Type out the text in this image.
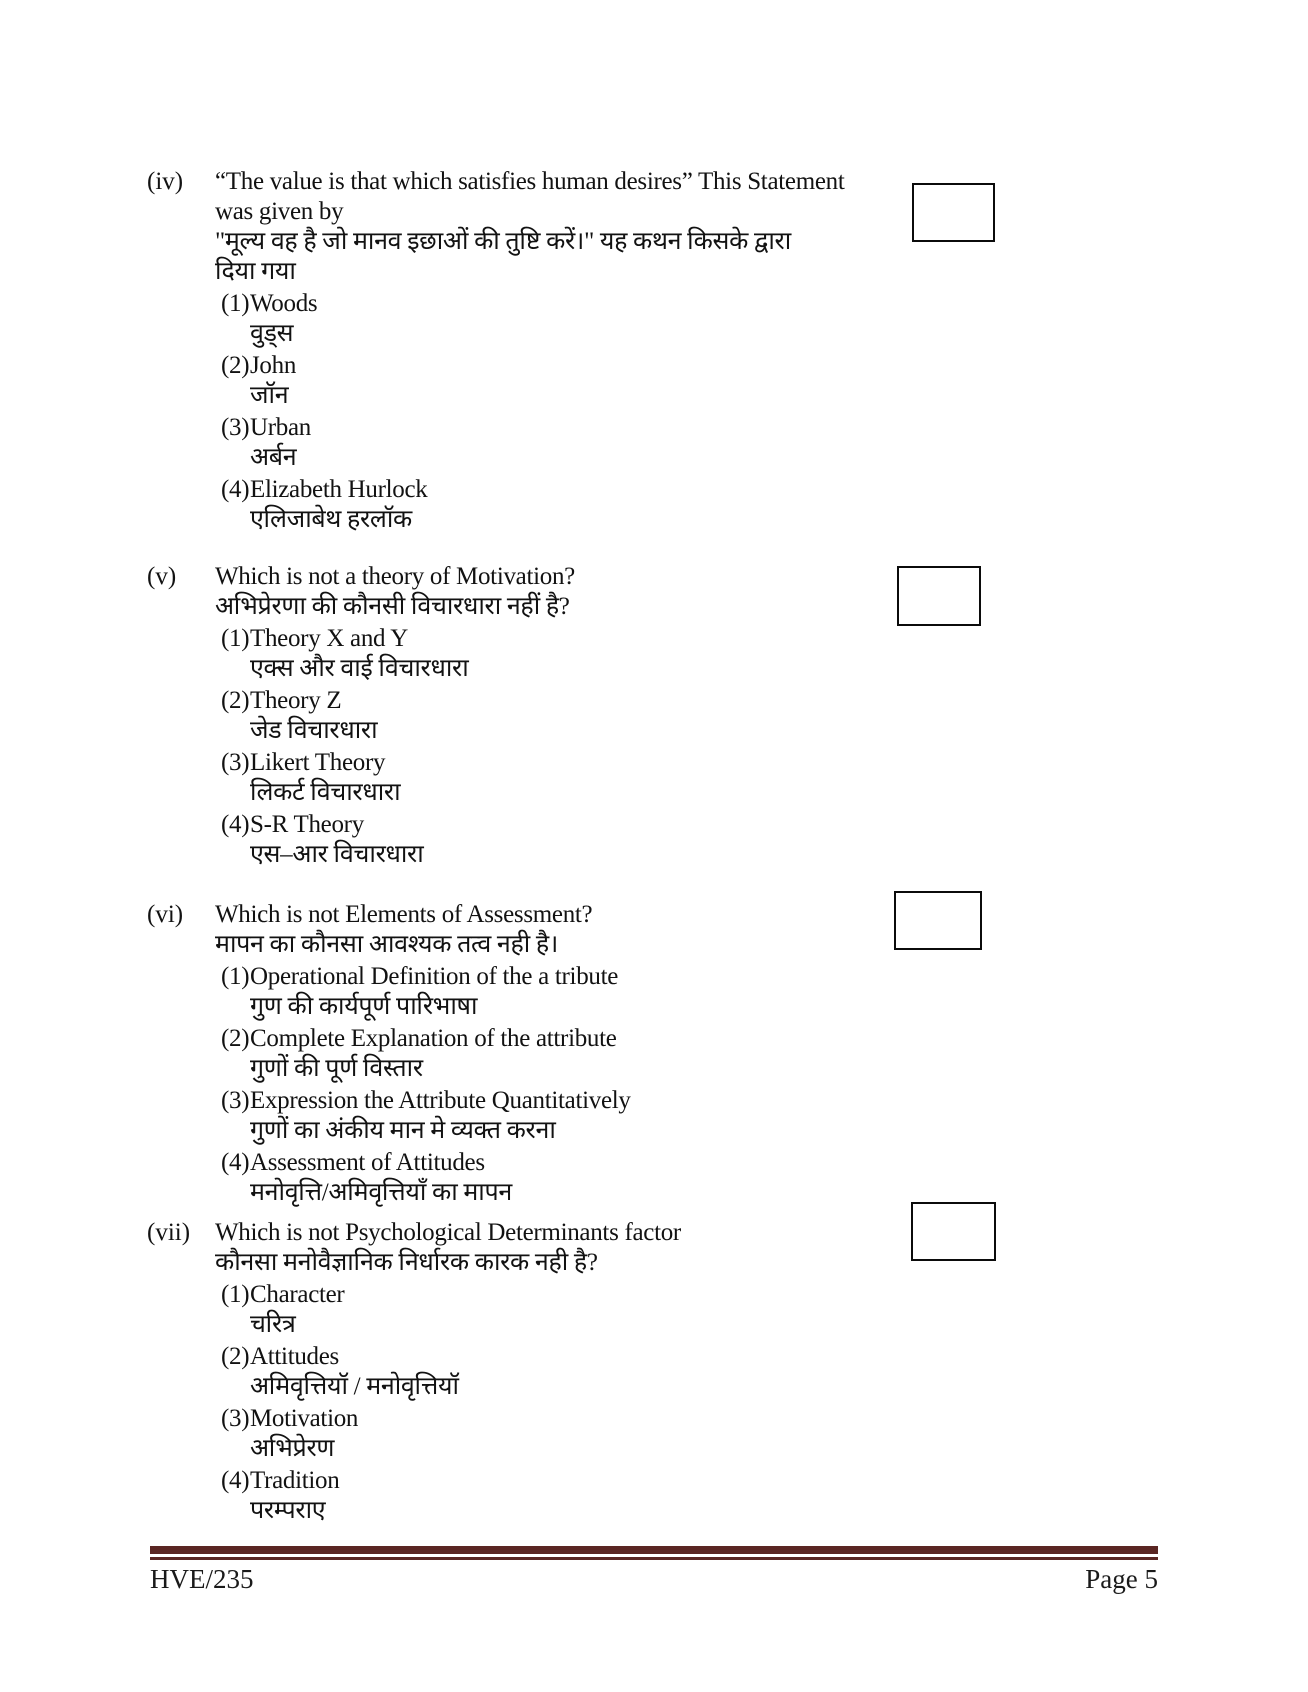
(iv) “The value is that which satisfies human desires” This Statement
was given by
"मूल्य वह है जो मानव इछाओं की तुष्टि करें।" यह कथन किसके द्वारा
दिया गया
(1)Woods
वुड्स
(2)John
जॉन
(3)Urban
अर्बन
(4)Elizabeth Hurlock
एलिजाबेथ हरलॉक
(v) Which is not a theory of Motivation?
अभिप्रेरणा की कौनसी विचारधारा नहीं है?
(1)Theory X and Y
एक्स और वाई विचारधारा
(2)Theory Z
जेड विचारधारा
(3)Likert Theory
लिकर्ट विचारधारा
(4)S-R Theory
एस–आर विचारधारा
(vi) Which is not Elements of Assessment?
मापन का कौनसा आवश्यक तत्व नही है।
(1)Operational Definition of the a tribute
गुण की कार्यपूर्ण पारिभाषा
(2)Complete Explanation of the attribute
गुणों की पूर्ण विस्तार
(3)Expression the Attribute Quantitatively
गुणों का अंकीय मान मे व्यक्त करना
(4)Assessment of Attitudes
मनोवृत्ति/अमिवृत्तियाँ का मापन
(vii) Which is not Psychological Determinants factor
कौनसा मनोवैज्ञानिक निर्धारक कारक नही है?
(1)Character
चरित्र
(2)Attitudes
अमिवृत्तियॉ / मनोवृत्तियॉ
(3)Motivation
अभिप्रेरण
(4)Tradition
परम्पराए
HVE/235	Page 5
